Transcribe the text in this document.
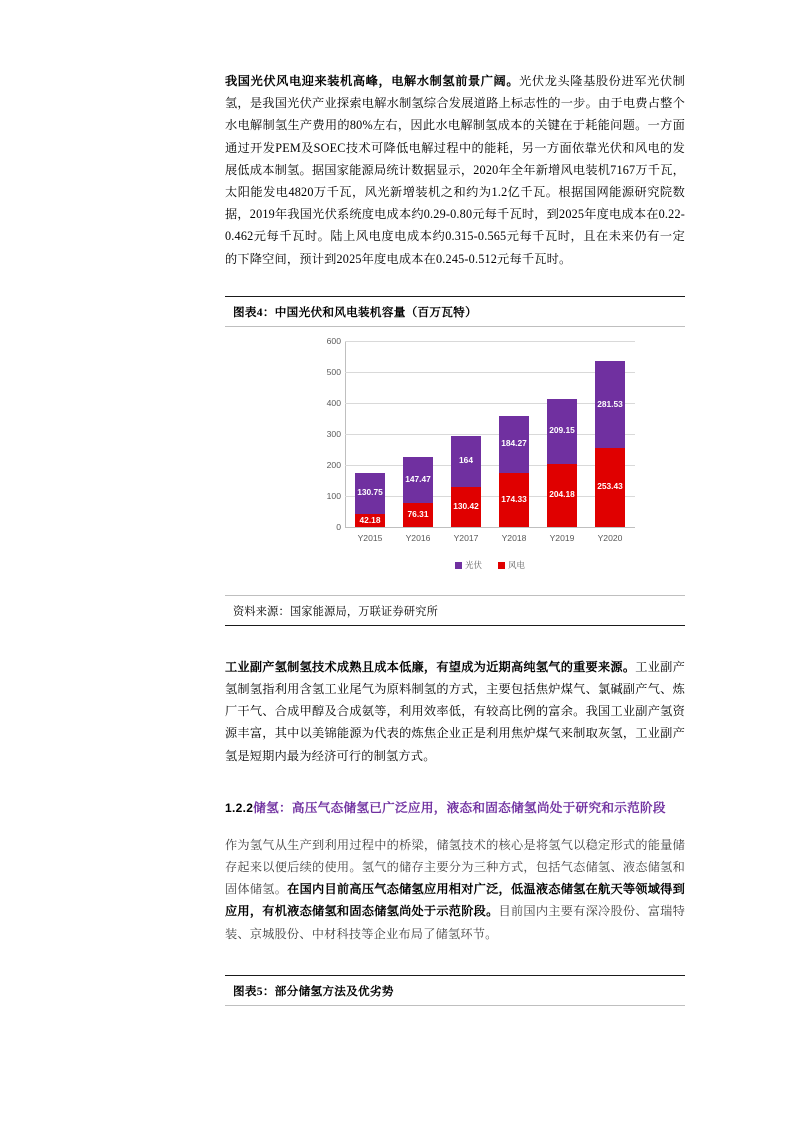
我国光伏风电迎来装机高峰，电解水制氢前景广阔。光伏龙头隆基股份进军光伏制氢，是我国光伏产业探索电解水制氢综合发展道路上标志性的一步。由于电费占整个水电解制氢生产费用的80%左右，因此水电解制氢成本的关键在于耗能问题。一方面通过开发PEM及SOEC技术可降低电解过程中的能耗，另一方面依靠光伏和风电的发展低成本制氢。据国家能源局统计数据显示，2020年全年新增风电装机7167万千瓦，太阳能发电4820万千瓦，风光新增装机之和约为1.2亿千瓦。根据国网能源研究院数据，2019年我国光伏系统度电成本约0.29-0.80元每千瓦时，到2025年度电成本在0.22-0.462元每千瓦时。陆上风电度电成本约0.315-0.565元每千瓦时，且在未来仍有一定的下降空间，预计到2025年度电成本在0.245-0.512元每千瓦时。

图表4：中国光伏和风电装机容量（百万瓦特）
600
500
400
300
200
100
0
130.75
42.18
147.47
76.31
164
130.42
184.27
174.33
209.15
204.18
281.53
253.43
Y2015	Y2016	Y2017	Y2018	Y2019	Y2020
光伏	风电
资料来源：国家能源局，万联证券研究所

工业副产氢制氢技术成熟且成本低廉，有望成为近期高纯氢气的重要来源。工业副产氢制氢指利用含氢工业尾气为原料制氢的方式，主要包括焦炉煤气、氯碱副产气、炼厂干气、合成甲醇及合成氨等，利用效率低，有较高比例的富余。我国工业副产氢资源丰富，其中以美锦能源为代表的炼焦企业正是利用焦炉煤气来制取灰氢，工业副产氢是短期内最为经济可行的制氢方式。

1.2.2储氢：高压气态储氢已广泛应用，液态和固态储氢尚处于研究和示范阶段

作为氢气从生产到利用过程中的桥梁，储氢技术的核心是将氢气以稳定形式的能量储存起来以便后续的使用。氢气的储存主要分为三种方式，包括气态储氢、液态储氢和固体储氢。在国内目前高压气态储氢应用相对广泛，低温液态储氢在航天等领域得到应用，有机液态储氢和固态储氢尚处于示范阶段。目前国内主要有深冷股份、富瑞特装、京城股份、中材科技等企业布局了储氢环节。

图表5：部分储氢方法及优劣势
